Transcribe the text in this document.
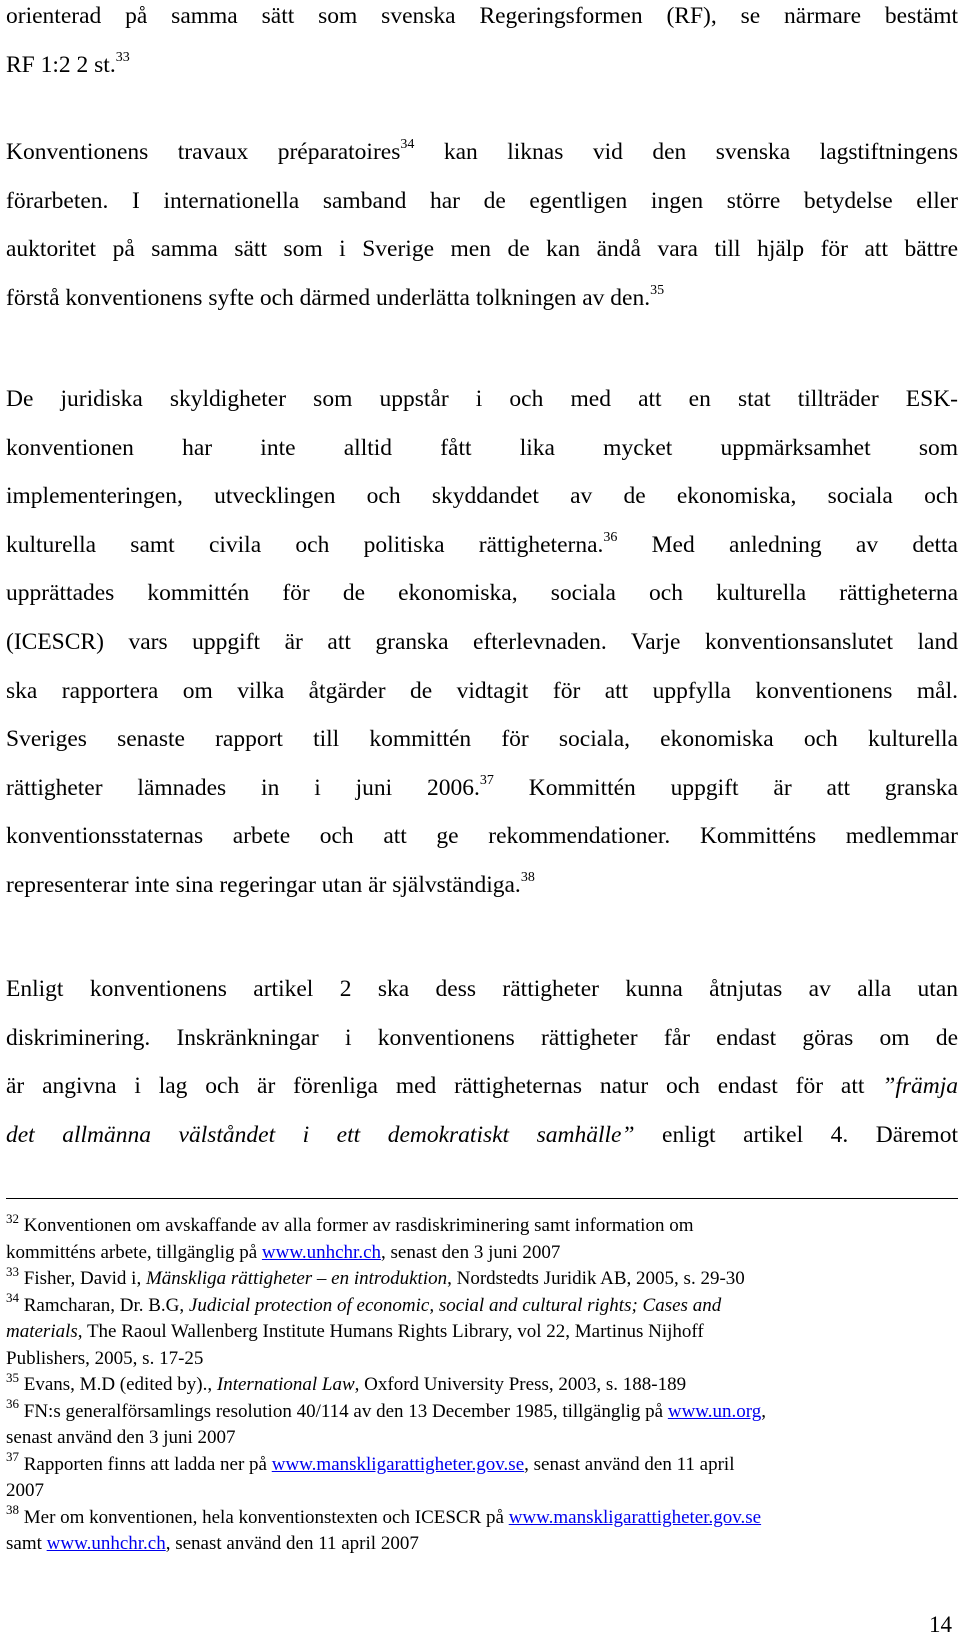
orienterad på samma sätt som svenska Regeringsformen (RF), se närmare bestämt
RF 1:2 2 st.$^{33}$
Konventionens travaux préparatoires$^{34}$ kan liknas vid den svenska lagstiftningens
förarbeten. I internationella samband har de egentligen ingen större betydelse eller
auktoritet på samma sätt som i Sverige men de kan ändå vara till hjälp för att bättre
förstå konventionens syfte och därmed underlätta tolkningen av den.$^{35}$
De juridiska skyldigheter som uppstår i och med att en stat tillträder ESK-
konventionen har inte alltid fått lika mycket uppmärksamhet som
implementeringen, utvecklingen och skyddandet av de ekonomiska, sociala och
kulturella samt civila och politiska rättigheterna.$^{36}$ Med anledning av detta
upprättades kommittén för de ekonomiska, sociala och kulturella rättigheterna
(ICESCR) vars uppgift är att granska efterlevnaden. Varje konventionsanslutet land
ska rapportera om vilka åtgärder de vidtagit för att uppfylla konventionens mål.
Sveriges senaste rapport till kommittén för sociala, ekonomiska och kulturella
rättigheter lämnades in i juni 2006.37 Kommittén uppgift är att granska
konventionsstaternas arbete och att ge rekommendationer. Kommitténs medlemmar
representerar inte sina regeringar utan är självständiga.$^{38}$
Enligt konventionens artikel 2 ska dess rättigheter kunna åtnjutas av alla utan
diskriminering. Inskränkningar i konventionens rättigheter får endast göras om de
är angivna i lag och är förenliga med rättigheternas natur och endast för att ”främja
det allmänna välståndet i ett demokratiskt samhälle” enligt artikel 4. Däremot

$^{32}$ Konventionen om avskaffande av alla former av rasdiskriminering samt information om
kommitténs arbete, tillgänglig på www.unhchr.ch, senast den 3 juni 2007

$^{33}$ Fisher, David i, Mänskliga rättigheter – en introduktion, Nordstedts Juridik AB, 2005, s. 29-30

$^{34}$ Ramcharan, Dr. B.G, Judicial protection of economic, social and cultural rights; Cases and
materials, The Raoul Wallenberg Institute Humans Rights Library, vol 22, Martinus Nijhoff
Publishers, 2005, s. 17-25

$^{35}$ Evans, M.D (edited by)., International Law, Oxford University Press, 2003, s. 188-189

$^{36}$ FN:s generalförsamlings resolution 40/114 av den 13 December 1985, tillgänglig på www.un.org,
senast använd den 3 juni 2007

$^{37}$ Rapporten finns att ladda ner på www.manskligarattigheter.gov.se, senast använd den 11 april
2007

$^{38}$ Mer om konventionen, hela konventionstexten och ICESCR på www.manskligarattigheter.gov.se
samt www.unhchr.ch, senast använd den 11 april 2007

14
